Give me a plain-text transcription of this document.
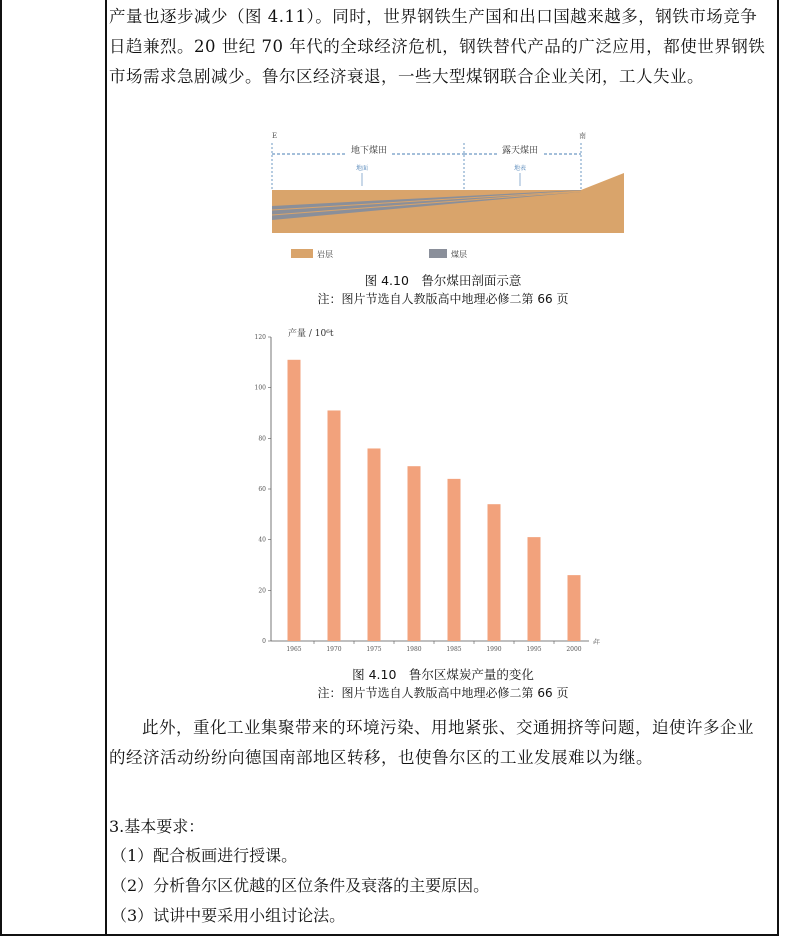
产量也逐步减少（图 4.11）。同时，世界钢铁生产国和出口国越来越多，钢铁市场竞争日趋兼烈。20 世纪 70 年代的全球经济危机，钢铁替代产品的广泛应用，都使世界钢铁市场需求急剧减少。鲁尔区经济衰退，一些大型煤钢联合企业关闭，工人失业。

E	南
地下煤田	露天煤田
地面	地表
岩层	煤层
图 4.10　鲁尔煤田剖面示意
注：图片节选自人教版高中地理必修二第 66 页
产量 / 10⁶t
年
0
20
40
60
80
100
120
1965	1970	1975	1980	1985	1990	1995	2000
图 4.10　鲁尔区煤炭产量的变化
注：图片节选自人教版高中地理必修二第 66 页

此外，重化工业集聚带来的环境污染、用地紧张、交通拥挤等问题，迫使许多企业的经济活动纷纷向德国南部地区转移，也使鲁尔区的工业发展难以为继。

3.基本要求：

（1）配合板画进行授课。

（2）分析鲁尔区优越的区位条件及衰落的主要原因。

（3）试讲中要采用小组讨论法。
